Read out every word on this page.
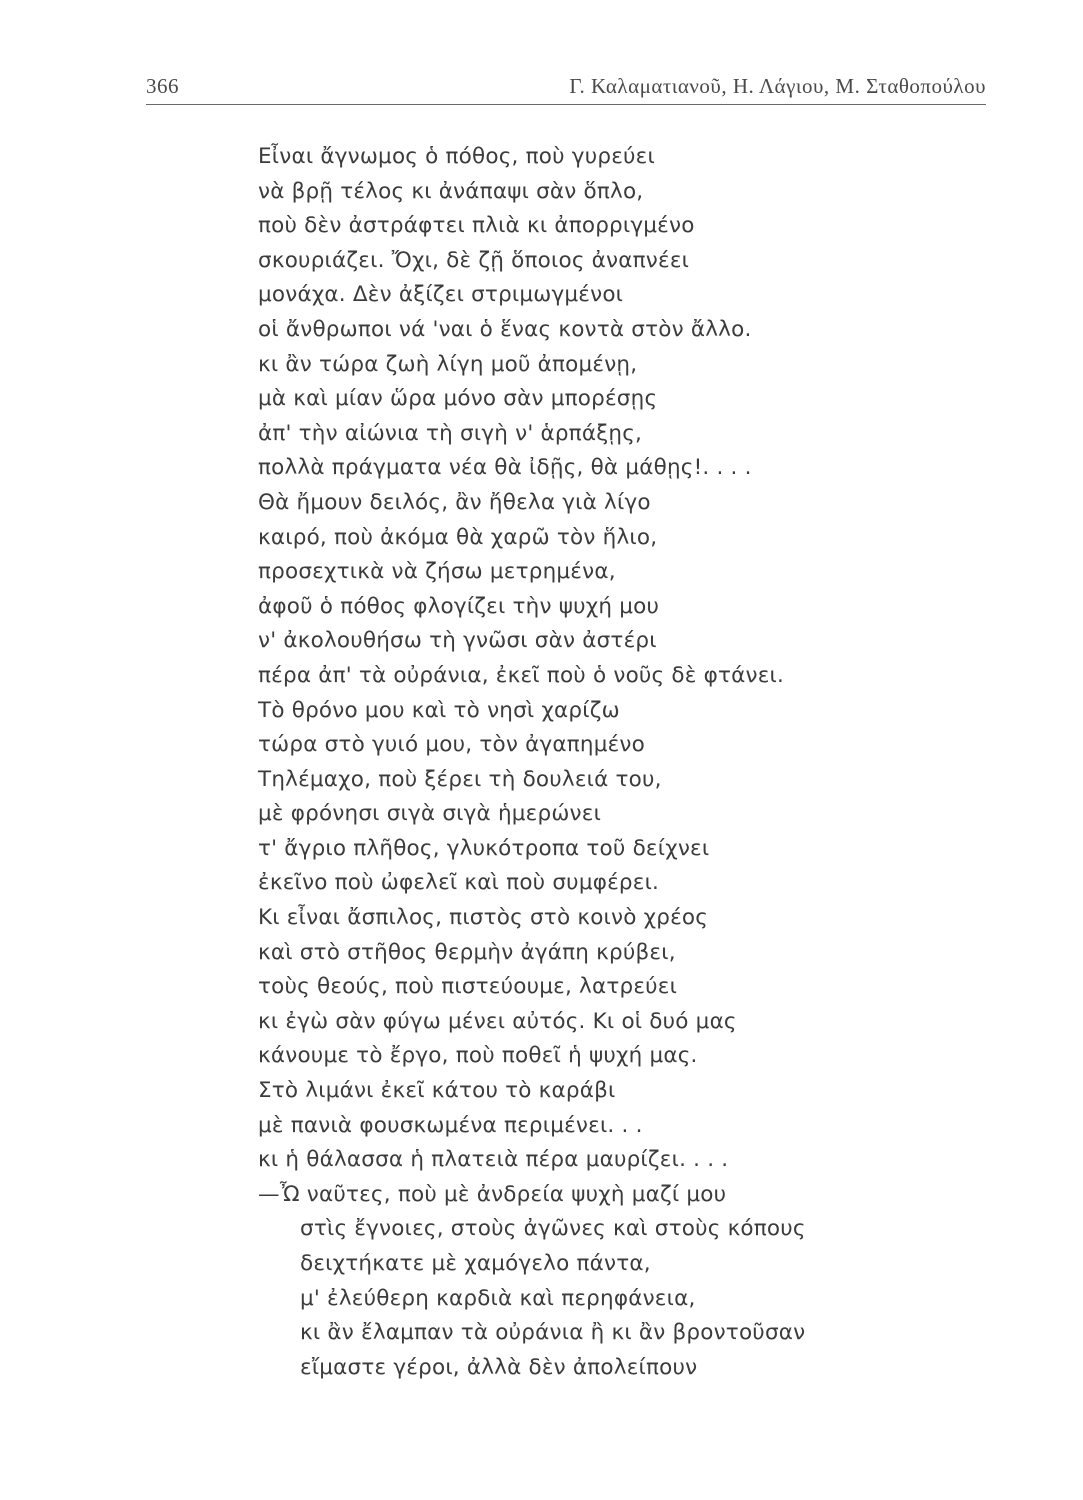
366	Γ. Καλαματιανοῦ, Η. Λάγιου, Μ. Σταθοπούλου
Εἶναι ἄγνωμος ὁ πόθος, ποὺ γυρεύει
νὰ βρῇ τέλος κι ἀνάπαψι σὰν ὅπλο,
ποὺ δὲν ἀστράφτει πλιὰ κι ἀπορριγμένο
σκουριάζει. Ὄχι, δὲ ζῇ ὅποιος ἀναπνέει
μονάχα. Δὲν ἀξίζει στριμωγμένοι
οἱ ἄνθρωποι νά 'ναι ὁ ἕνας κοντὰ στὸν ἄλλο.
κι ἂν τώρα ζωὴ λίγη μοῦ ἀπομένῃ,
μὰ καὶ μίαν ὥρα μόνο σὰν μπορέσῃς
ἀπ' τὴν αἰώνια τὴ σιγὴ ν' ἁρπάξῃς,
πολλὰ πράγματα νέα θὰ ἰδῇς, θὰ μάθῃς!. . . .
Θὰ ἤμουν δειλός, ἂν ἤθελα γιὰ λίγο
καιρό, ποὺ ἀκόμα θὰ χαρῶ τὸν ἥλιο,
προσεχτικὰ νὰ ζήσω μετρημένα,
ἀφοῦ ὁ πόθος φλογίζει τὴν ψυχή μου
ν' ἀκολουθήσω τὴ γνῶσι σὰν ἀστέρι
πέρα ἀπ' τὰ οὐράνια, ἐκεῖ ποὺ ὁ νοῦς δὲ φτάνει.
Τὸ θρόνο μου καὶ τὸ νησὶ χαρίζω
τώρα στὸ γυιό μου, τὸν ἀγαπημένο
Τηλέμαχο, ποὺ ξέρει τὴ δουλειά του,
μὲ φρόνησι σιγὰ σιγὰ ἡμερώνει
τ' ἄγριο πλῆθος, γλυκότροπα τοῦ δείχνει
ἐκεῖνο ποὺ ὠφελεῖ καὶ ποὺ συμφέρει.
Κι εἶναι ἄσπιλος, πιστὸς στὸ κοινὸ χρέος
καὶ στὸ στῆθος θερμὴν ἀγάπη κρύβει,
τοὺς θεούς, ποὺ πιστεύουμε, λατρεύει
κι ἐγὼ σὰν φύγω μένει αὐτός. Κι οἱ δυό μας
κάνουμε τὸ ἔργο, ποὺ ποθεῖ ἡ ψυχή μας.
Στὸ λιμάνι ἐκεῖ κάτου τὸ καράβι
μὲ πανιὰ φουσκωμένα περιμένει. . .
κι ἡ θάλασσα ἡ πλατειὰ πέρα μαυρίζει. . . .
—Ὦ ναῦτες, ποὺ μὲ ἀνδρεία ψυχὴ μαζί μου
στὶς ἔγνοιες, στοὺς ἀγῶνες καὶ στοὺς κόπους
δειχτήκατε μὲ χαμόγελο πάντα,
μ' ἐλεύθερη καρδιὰ καὶ περηφάνεια,
κι ἂν ἔλαμπαν τὰ οὐράνια ἢ κι ἂν βροντοῦσαν
εἴμαστε γέροι, ἀλλὰ δὲν ἀπολείπουν
